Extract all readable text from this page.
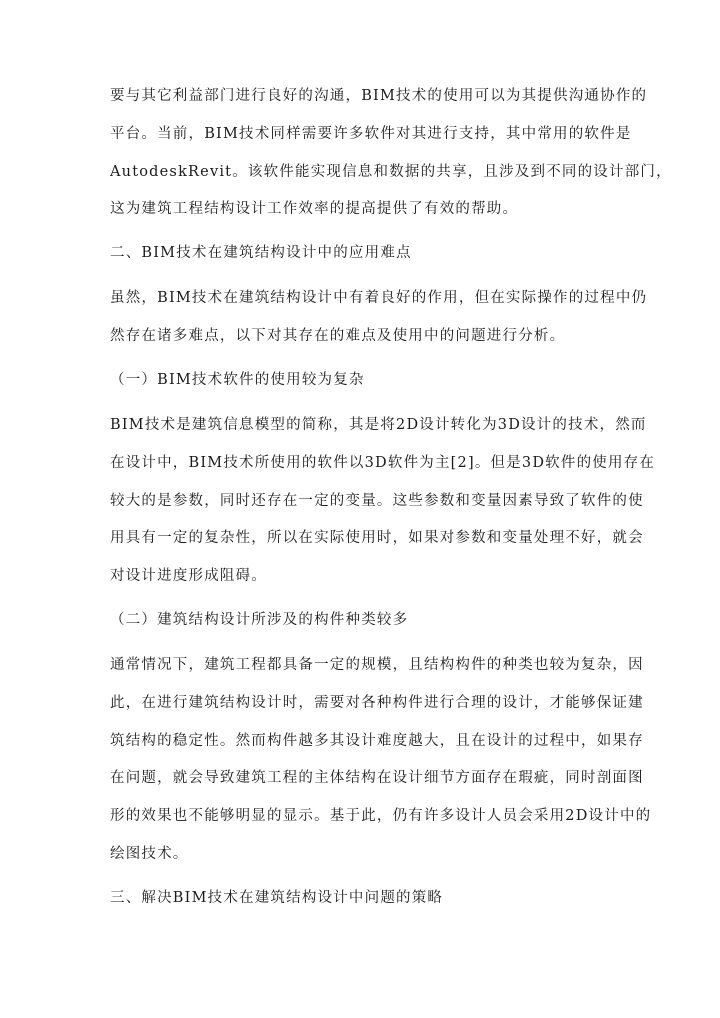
要与其它利益部门进行良好的沟通，BIM技术的使用可以为其提供沟通协作的
平台。当前，BIM技术同样需要许多软件对其进行支持，其中常用的软件是
AutodeskRevit。该软件能实现信息和数据的共享，且涉及到不同的设计部门，
这为建筑工程结构设计工作效率的提高提供了有效的帮助。
二、BIM技术在建筑结构设计中的应用难点
虽然，BIM技术在建筑结构设计中有着良好的作用，但在实际操作的过程中仍
然存在诸多难点，以下对其存在的难点及使用中的问题进行分析。
（一）BIM技术软件的使用较为复杂
BIM技术是建筑信息模型的简称，其是将2D设计转化为3D设计的技术，然而
在设计中，BIM技术所使用的软件以3D软件为主[2]。但是3D软件的使用存在
较大的是参数，同时还存在一定的变量。这些参数和变量因素导致了软件的使
用具有一定的复杂性，所以在实际使用时，如果对参数和变量处理不好，就会
对设计进度形成阻碍。
（二）建筑结构设计所涉及的构件种类较多
通常情况下，建筑工程都具备一定的规模，且结构构件的种类也较为复杂，因
此，在进行建筑结构设计时，需要对各种构件进行合理的设计，才能够保证建
筑结构的稳定性。然而构件越多其设计难度越大，且在设计的过程中，如果存
在问题，就会导致建筑工程的主体结构在设计细节方面存在瑕疵，同时剖面图
形的效果也不能够明显的显示。基于此，仍有许多设计人员会采用2D设计中的
绘图技术。
三、解决BIM技术在建筑结构设计中问题的策略
